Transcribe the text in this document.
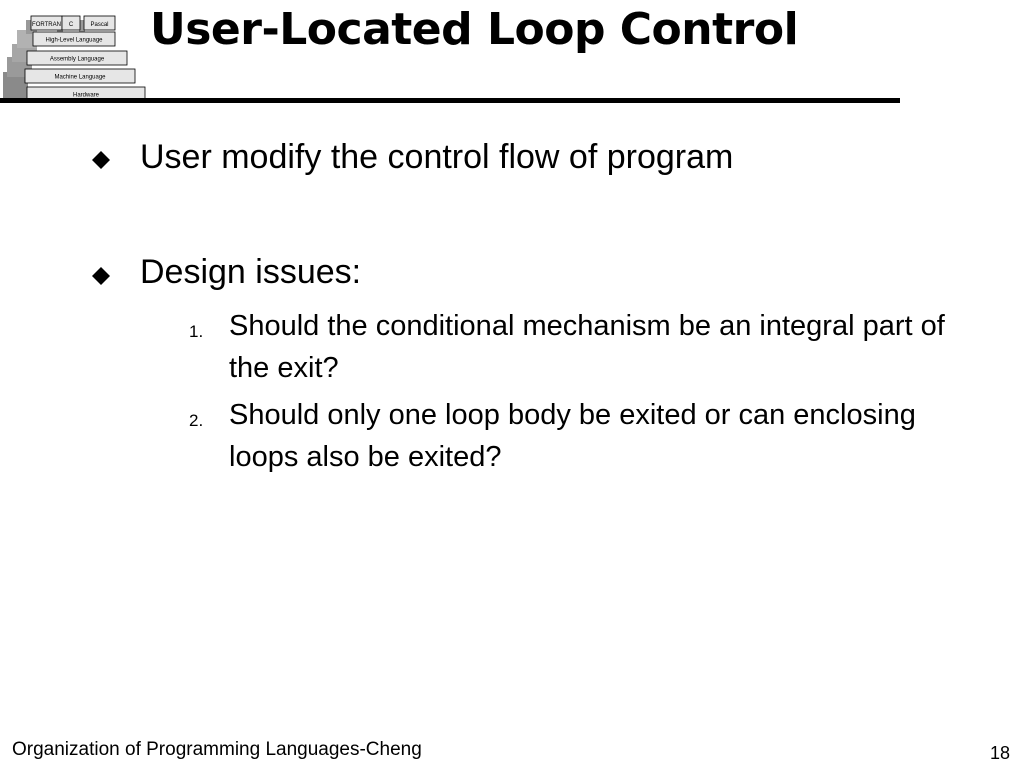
FORTRAN C	Pascal
High-Level Language
Assembly Language
Machine Language
Hardware
User-Located Loop Control
User modify the control flow of program
Design issues:
1. Should the conditional mechanism be an integral part of the exit?
2. Should only one loop body be exited or can enclosing loops also be exited?
Organization of Programming Languages-Cheng	18
